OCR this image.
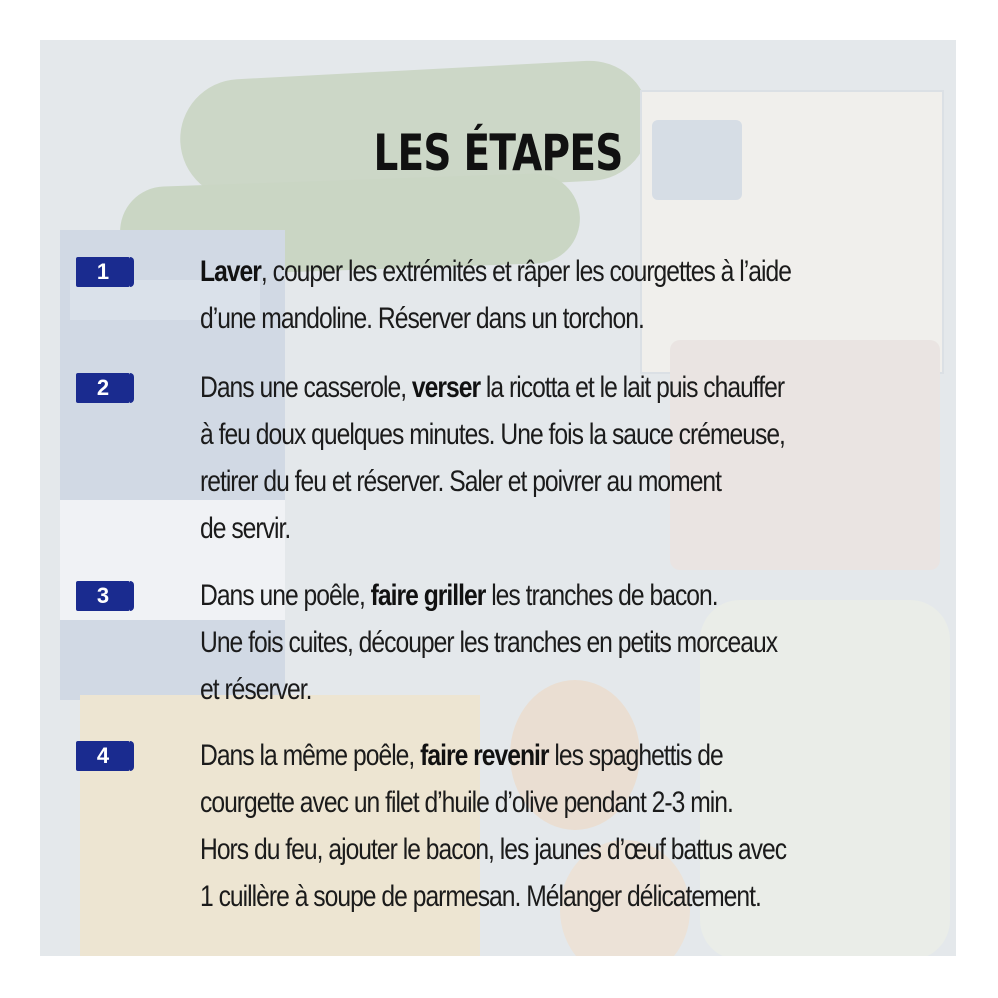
LES ÉTAPES
1	Laver, couper les extrémités et râper les courgettes à l’aide
d’une mandoline. Réserver dans un torchon.

2	Dans une casserole, verser la ricotta et le lait puis chauffer
à feu doux quelques minutes. Une fois la sauce crémeuse,
retirer du feu et réserver. Saler et poivrer au moment
de servir.

3	Dans une poêle, faire griller les tranches de bacon.
Une fois cuites, découper les tranches en petits morceaux
et réserver.

4	Dans la même poêle, faire revenir les spaghettis de
courgette avec un filet d’huile d’olive pendant 2-3 min.
Hors du feu, ajouter le bacon, les jaunes d’œuf battus avec
1 cuillère à soupe de parmesan. Mélanger délicatement.
